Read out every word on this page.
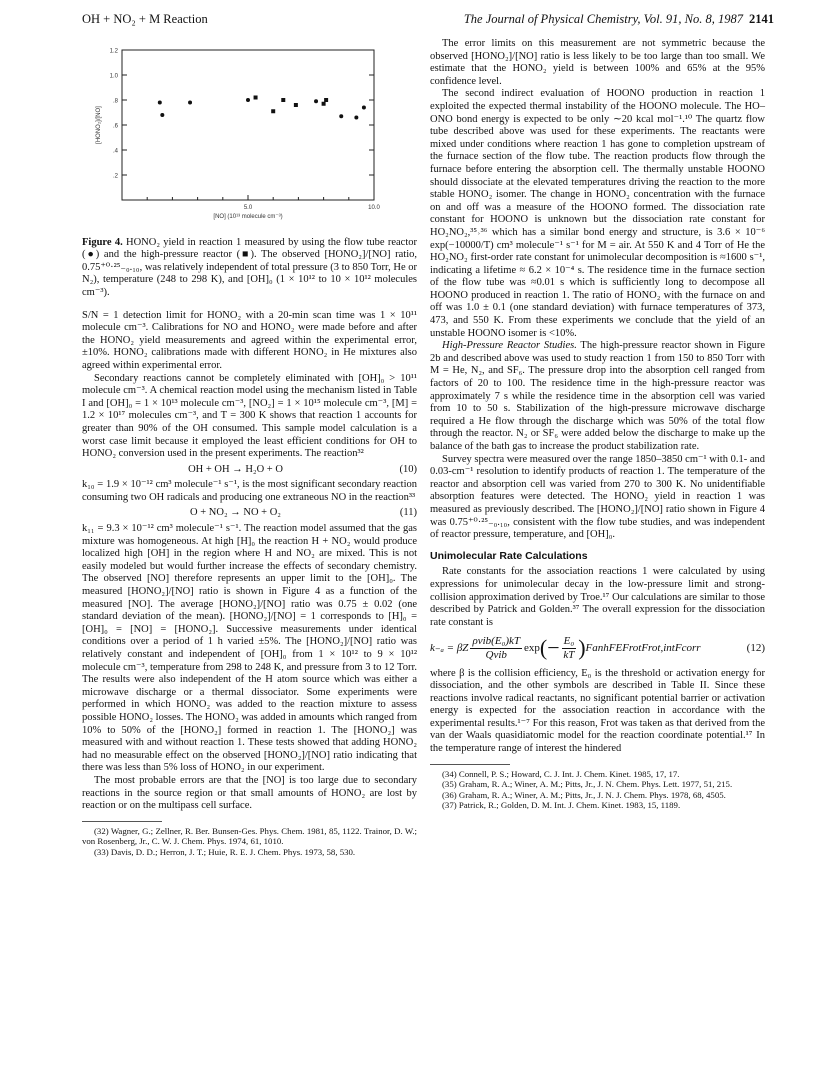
OH + NO₂ + M Reaction	The Journal of Physical Chemistry, Vol. 91, No. 8, 1987 2141
1.2
1.0
.8
.6
.4
.2
5.0	10.0
[NO] (10¹³ molecule cm⁻³)
[HONO₂]/[NO]
Figure 4. HONO₂ yield in reaction 1 measured by using the flow tube reactor (●) and the high-pressure reactor (■). The observed [HONO₂]/[NO] ratio, 0.75⁺⁰·²⁵₋₀.₁₀, was relatively independent of total pressure (3 to 850 Torr, He or N₂), temperature (248 to 298 K), and [OH]₀ (1 × 10¹² to 10 × 10¹² molecules cm⁻³).

S/N = 1 detection limit for HONO₂ with a 20-min scan time was 1 × 10¹¹ molecule cm⁻³. Calibrations for NO and HONO₂ were made before and after the HONO₂ yield measurements and agreed within the experimental error, ±10%. HONO₂ calibrations made with different HONO₂ in He mixtures also agreed within experimental error.

Secondary reactions cannot be completely eliminated with [OH]₀ > 10¹¹ molecule cm⁻³. A chemical reaction model using the mechanism listed in Table I and [OH]₀ = 1 × 10¹³ molecule cm⁻³, [NO₂] = 1 × 10¹⁵ molecule cm⁻³, [M] = 1.2 × 10¹⁷ molecules cm⁻³, and T = 300 K shows that reaction 1 accounts for greater than 90% of the OH consumed. This sample model calculation is a worst case limit because it employed the least efficient conditions for OH to HONO₂ conversion used in the present experiments. The reaction³²

OH + OH → H₂O + O	(10)

k₁₀ = 1.9 × 10⁻¹² cm³ molecule⁻¹ s⁻¹, is the most significant secondary reaction consuming two OH radicals and producing one extraneous NO in the reaction³³

O + NO₂ → NO + O₂	(11)

k₁₁ = 9.3 × 10⁻¹² cm³ molecule⁻¹ s⁻¹. The reaction model assumed that the gas mixture was homogeneous. At high [H]₀ the reaction H + NO₂ would produce localized high [OH] in the region where H and NO₂ are mixed. This is not easily modeled but would further increase the effects of secondary chemistry. The observed [NO] therefore represents an upper limit to the [OH]₀. The measured [HONO₂]/[NO] ratio is shown in Figure 4 as a function of the measured [NO]. The average [HONO₂]/[NO] ratio was 0.75 ± 0.02 (one standard deviation of the mean). [HONO₂]/[NO] = 1 corresponds to [H]₀ = [OH]₀ = [NO] = [HONO₂]. Successive measurements under identical conditions over a period of 1 h varied ±5%. The [HONO₂]/[NO] ratio was relatively constant and independent of [OH]₀ from 1 × 10¹² to 9 × 10¹² molecule cm⁻³, temperature from 298 to 248 K, and pressure from 3 to 12 Torr. The results were also independent of the H atom source which was either a microwave discharge or a thermal dissociator. Some experiments were performed in which HONO₂ was added to the reaction mixture to assess possible HONO₂ losses. The HONO₂ was added in amounts which ranged from 10% to 50% of the [HONO₂] formed in reaction 1. The [HONO₂] was measured with and without reaction 1. These tests showed that adding HONO₂ had no measurable effect on the observed [HONO₂]/[NO] ratio indicating that there was less than 5% loss of HONO₂ in our experiment.

The most probable errors are that the [NO] is too large due to secondary reactions in the source region or that small amounts of HONO₂ are lost by reaction or on the multipass cell surface.

(32) Wagner, G.; Zellner, R. Ber. Bunsen-Ges. Phys. Chem. 1981, 85, 1122. Trainor, D. W.; von Rosenberg, Jr., C. W. J. Chem. Phys. 1974, 61, 1010.

(33) Davis, D. D.; Herron, J. T.; Huie, R. E. J. Chem. Phys. 1973, 58, 530.

The error limits on this measurement are not symmetric because the observed [HONO₂]/[NO] ratio is less likely to be too large than too small. We estimate that the HONO₂ yield is between 100% and 65% at the 95% confidence level.

The second indirect evaluation of HOONO production in reaction 1 exploited the expected thermal instability of the HOONO molecule. The HO–ONO bond energy is expected to be only ∼20 kcal mol⁻¹.¹⁰ The quartz flow tube described above was used for these experiments. The reactants were mixed under conditions where reaction 1 has gone to completion upstream of the furnace section of the flow tube. The reaction products flow through the furnace before entering the absorption cell. The thermally unstable HOONO should dissociate at the elevated temperatures driving the reaction to the more stable HONO₂ isomer. The change in HONO₂ concentration with the furnace on and off was a measure of the HOONO formed. The dissociation rate constant for HOONO is unknown but the dissociation rate constant for HO₂NO₂,³⁵˒³⁶ which has a similar bond energy and structure, is 3.6 × 10⁻⁶ exp(−10000/T) cm³ molecule⁻¹ s⁻¹ for M = air. At 550 K and 4 Torr of He the HO₂NO₂ first-order rate constant for unimolecular decomposition is ≈1600 s⁻¹, indicating a lifetime ≈ 6.2 × 10⁻⁴ s. The residence time in the furnace section of the flow tube was ≈0.01 s which is sufficiently long to decompose all HOONO produced in reaction 1. The ratio of HONO₂ with the furnace on and off was 1.0 ± 0.1 (one standard deviation) with furnace temperatures of 373, 473, and 550 K. From these experiments we conclude that the yield of an unstable HOONO isomer is <10%.

High-Pressure Reactor Studies. The high-pressure reactor shown in Figure 2b and described above was used to study reaction 1 from 150 to 850 Torr with M = He, N₂, and SF₆. The pressure drop into the absorption cell ranged from factors of 20 to 100. The residence time in the high-pressure reactor was approximately 7 s while the residence time in the absorption cell was varied from 10 to 50 s. Stabilization of the high-pressure microwave discharge required a He flow through the discharge which was 50% of the total flow through the reactor. N₂ or SF₆ were added below the discharge to make up the balance of the bath gas to increase the product stabilization rate.

Survey spectra were measured over the range 1850–3850 cm⁻¹ with 0.1- and 0.03-cm⁻¹ resolution to identify products of reaction 1. The temperature of the reactor and absorption cell was varied from 270 to 300 K. No unidentifiable absorption features were detected. The HONO₂ yield in reaction 1 was measured as previously described. The [HONO₂]/[NO] ratio shown in Figure 4 was 0.75⁺⁰·²⁵₋₀.₁₀, consistent with the flow tube studies, and was independent of reactor pressure, temperature, and [OH]₀.

Unimolecular Rate Calculations

Rate constants for the association reactions 1 were calculated by using expressions for unimolecular decay in the low-pressure limit and strong-collision approximation derived by Troe.¹⁷ Our calculations are similar to those described by Patrick and Golden.³⁷ The overall expression for the dissociation rate constant is

k₋ₐ = βZ $\frac{\text{ρvib(E₀)kT}}{\text{Qvib}}$ exp (− $\frac{\text{E₀}}{kT}$ ) FanhFEFrotFrot,intFcorr	(12)

where β is the collision efficiency, E₀ is the threshold or activation energy for dissociation, and the other symbols are described in Table II. Since these reactions involve radical reactants, no significant potential barrier or activation energy is expected for the association reaction in accordance with the experimental results.¹⁻⁷ For this reason, Frot was taken as that derived from the van der Waals quasidiatomic model for the reaction coordinate potential.¹⁷ In the temperature range of interest the hindered

(34) Connell, P. S.; Howard, C. J. Int. J. Chem. Kinet. 1985, 17, 17.

(35) Graham, R. A.; Winer, A. M.; Pitts, Jr., J. N. Chem. Phys. Lett. 1977, 51, 215.

(36) Graham, R. A.; Winer, A. M.; Pitts, Jr., J. N. J. Chem. Phys. 1978, 68, 4505.

(37) Patrick, R.; Golden, D. M. Int. J. Chem. Kinet. 1983, 15, 1189.
